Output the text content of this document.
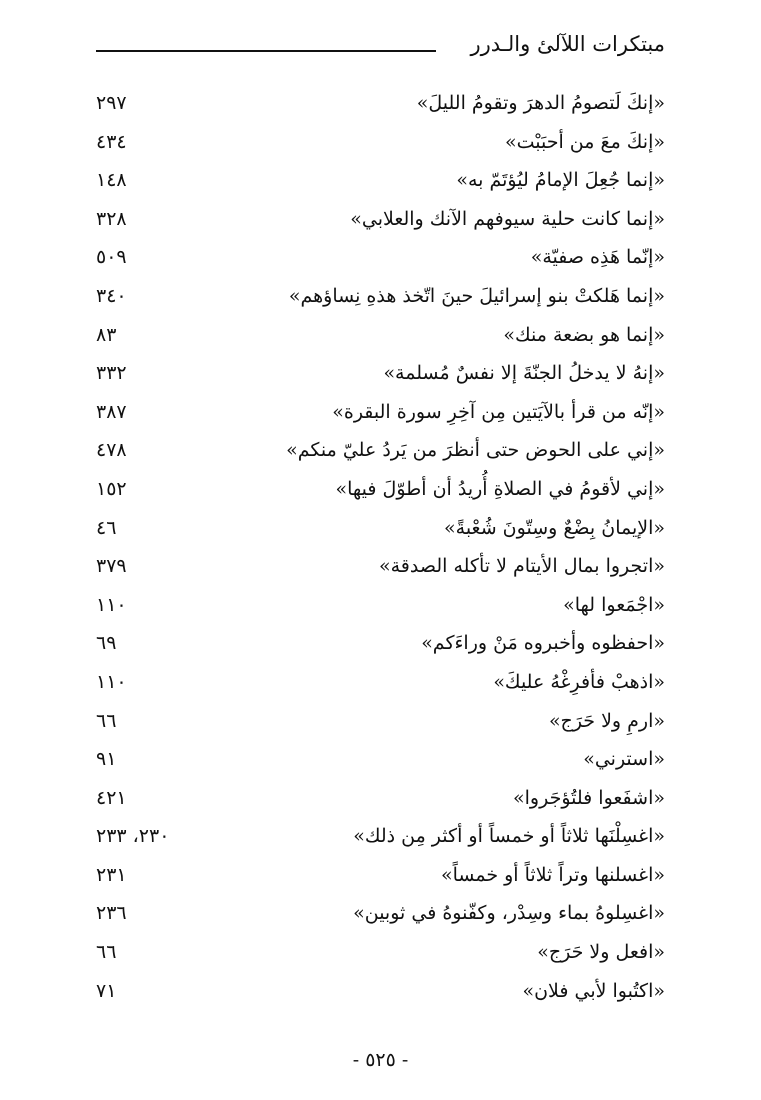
مبتكرات اللآلئ والـدرر
«إنكَ لَتصومُ الدهرَ وتقومُ الليلَ»
٢٩٧
«إنكَ معَ من أحبَبْت»
٤٣٤
«إنما جُعِلَ الإمامُ ليُؤتَمّ به»
١٤٨
«إنما كانت حلية سيوفهم الآنك والعلابي»
٣٢٨
«إنّما هَذِه صفيّة»
٥٠٩
«إنما هَلكتْ بنو إسرائيلَ حينَ اتّخذ هذهِ نِساؤهم»
٣٤٠
«إنما هو بضعة منك»
٨٣
«إنهُ لا يدخلُ الجنّةَ إلا نفسٌ مُسلمة»
٣٣٢
«إنّه من قرأ بالآيَتين مِن آخِرِ سورة البقرة»
٣٨٧
«إني على الحوض حتى أنظرَ من يَردُ عليّ منكم»
٤٧٨
«إني لأقومُ في الصلاةِ أُريدُ أن أطوّلَ فيها»
١٥٢
«الإيمانُ بِضْعٌ وسِتّونَ شُعْبةً»
٤٦
«اتجروا بمال الأيتام لا تأكله الصدقة»
٣٧٩
«اجْمَعوا لها»
١١٠
«احفظوه وأخبروه مَنْ وراءَكم»
٦٩
«اذهبْ فأفرِغْهُ عليكَ»
١١٠
«ارمِ ولا حَرَج»
٦٦
«استرني»
٩١
«اشفَعوا فلتُؤجَروا»
٤٢١
«اغسِلْنَها ثلاثاً أو خمساً أو أكثر مِن ذلك»
٢٣٠، ٢٣٣
«اغسلنها وتراً ثلاثاً أو خمساً»
٢٣١
«اغسِلوهُ بماء وسِدْر، وكفّنوهُ في ثوبين»
٢٣٦
«افعل ولا حَرَج»
٦٦
«اكتُبوا لأبي فلان»
٧١
- ٥٢٥ -
